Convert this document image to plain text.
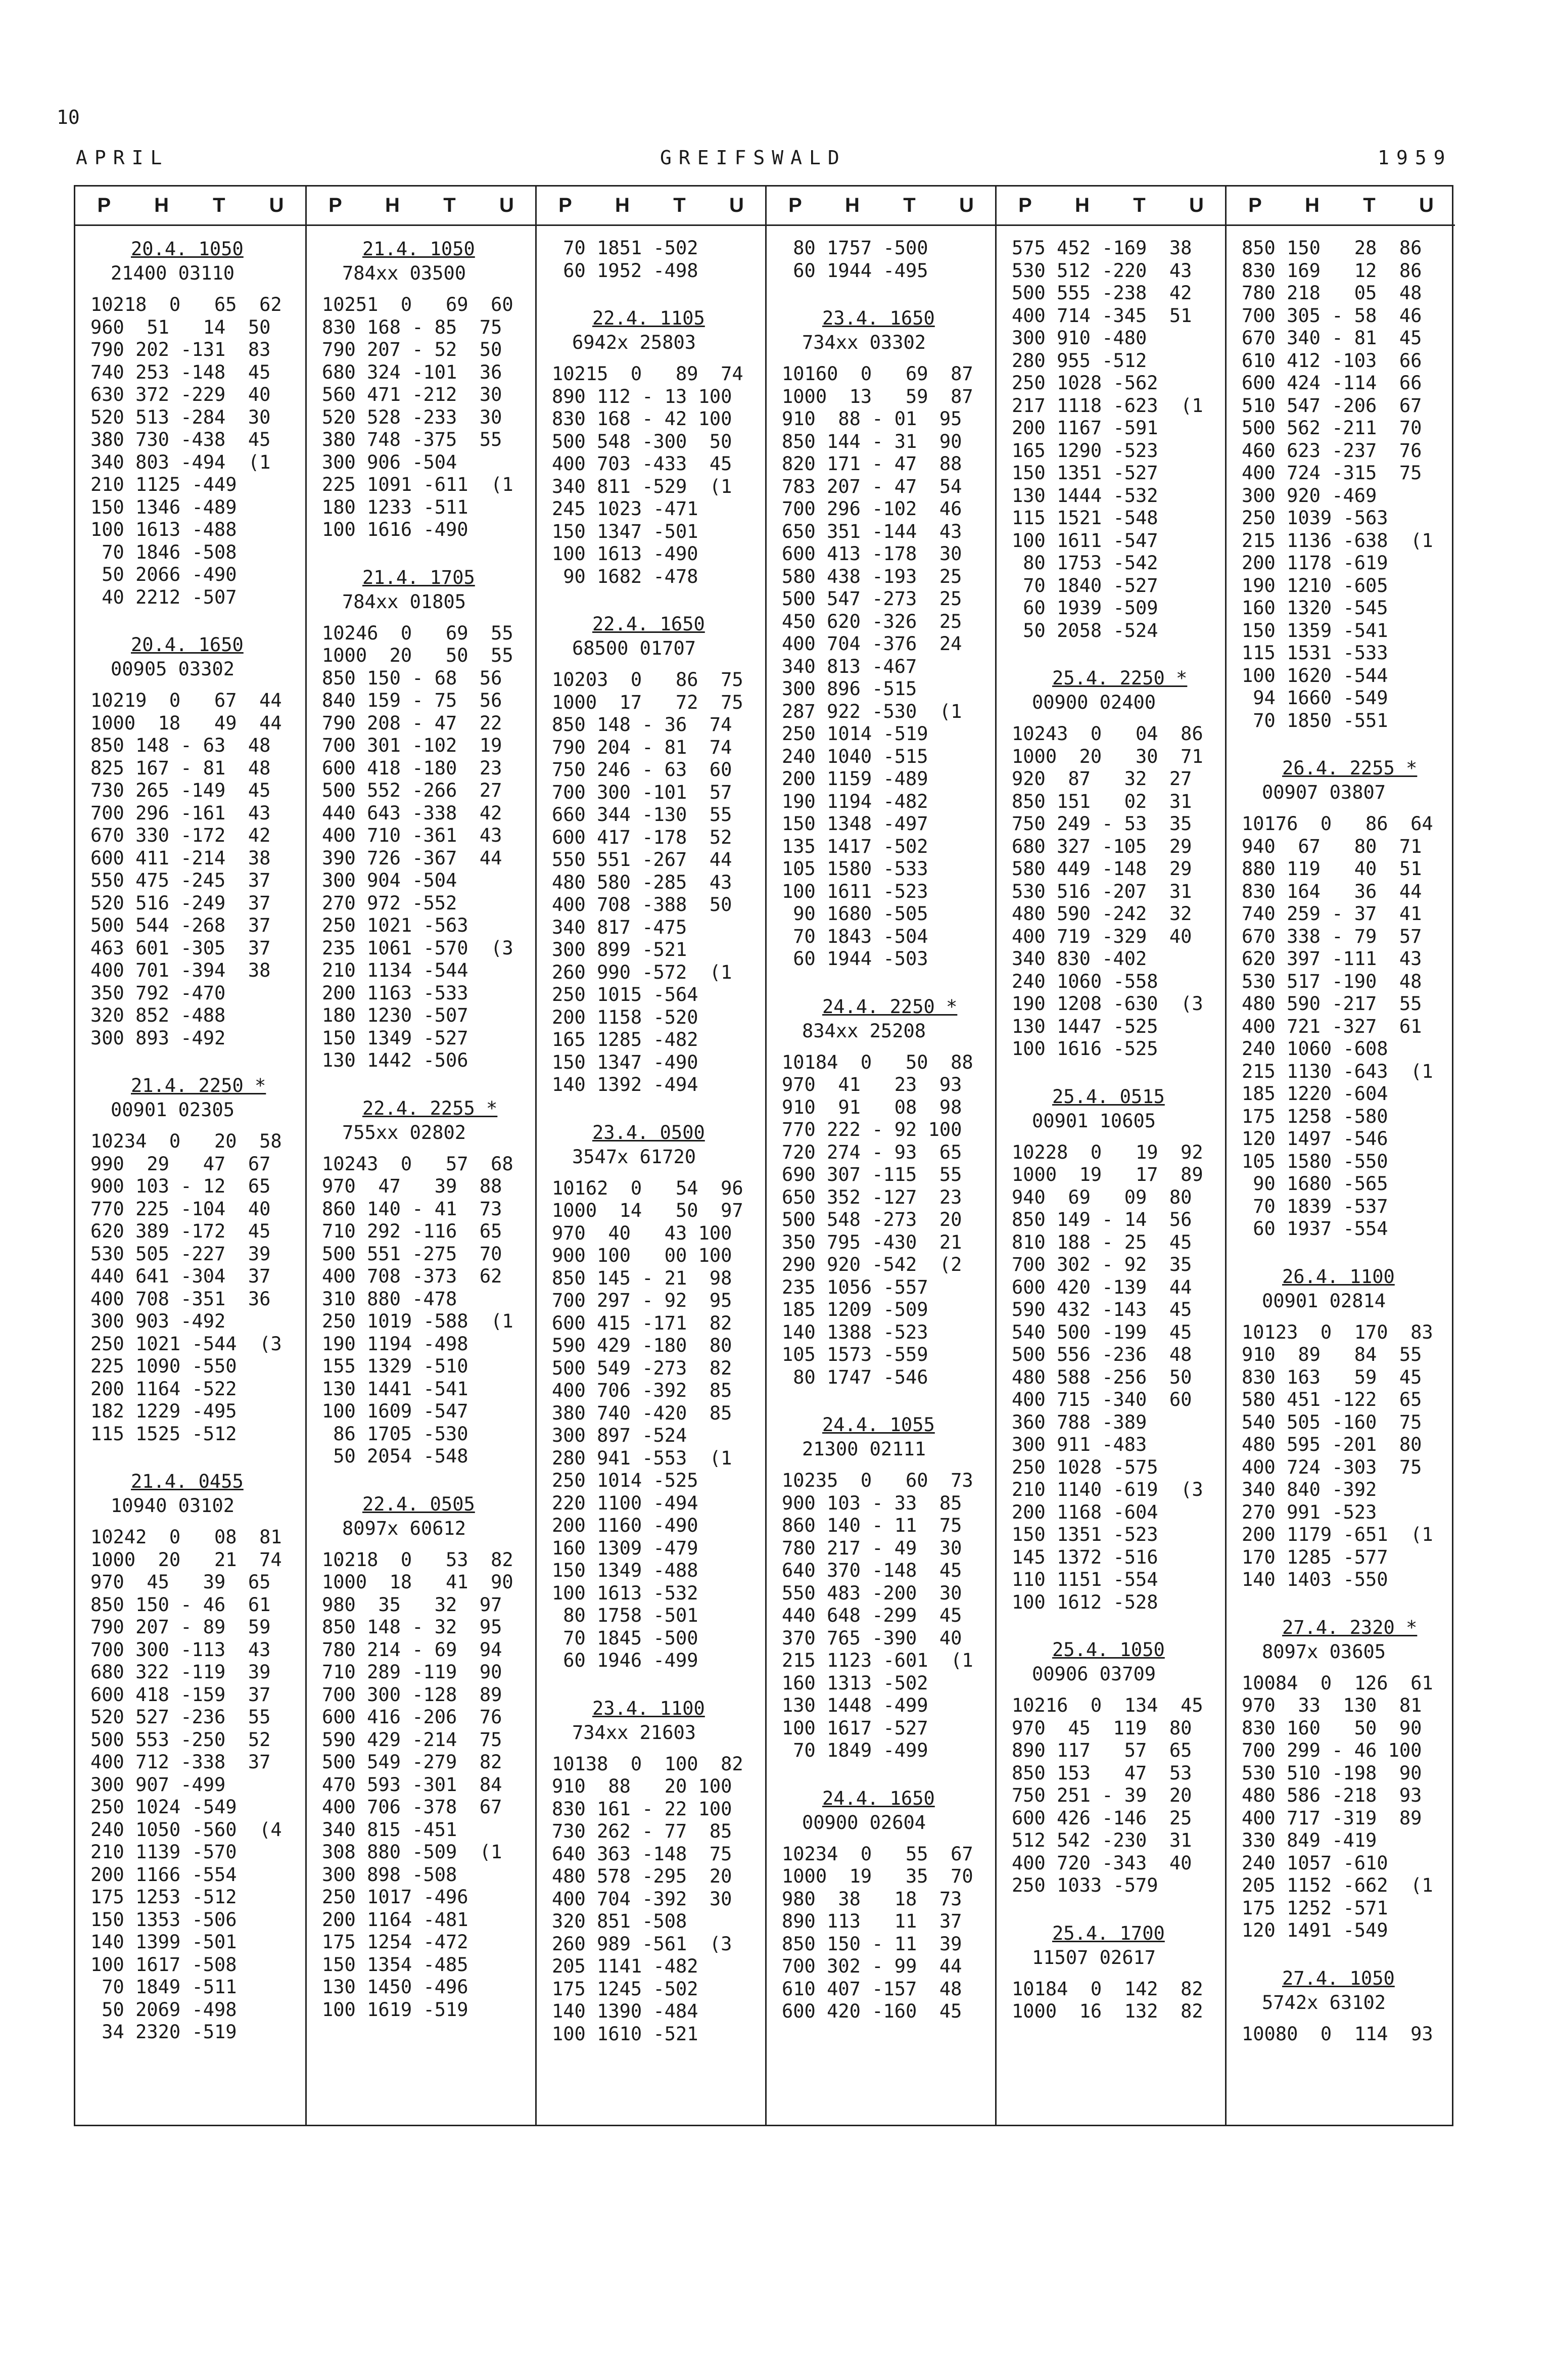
10
APRIL	GREIFSWALD	1959
P	H	T	U
20.4. 1050
21400 03110
10218  0   65  62
960  51   14  50
790 202 -131  83
740 253 -148  45
630 372 -229  40
520 513 -284  30
380 730 -438  45
340 803 -494  (1
210 1125 -449
150 1346 -489
100 1613 -488
70 1846 -508
50 2066 -490
40 2212 -507
20.4. 1650
00905 03302
10219  0   67  44
1000  18   49  44
850 148 - 63  48
825 167 - 81  48
730 265 -149  45
700 296 -161  43
670 330 -172  42
600 411 -214  38
550 475 -245  37
520 516 -249  37
500 544 -268  37
463 601 -305  37
400 701 -394  38
350 792 -470
320 852 -488
300 893 -492
21.4. 2250 *
00901 02305
10234  0   20  58
990  29   47  67
900 103 - 12  65
770 225 -104  40
620 389 -172  45
530 505 -227  39
440 641 -304  37
400 708 -351  36
300 903 -492
250 1021 -544  (3
225 1090 -550
200 1164 -522
182 1229 -495
115 1525 -512
21.4. 0455
10940 03102
10242  0   08  81
1000  20   21  74
970  45   39  65
850 150 - 46  61
790 207 - 89  59
700 300 -113  43
680 322 -119  39
600 418 -159  37
520 527 -236  55
500 553 -250  52
400 712 -338  37
300 907 -499
250 1024 -549
240 1050 -560  (4
210 1139 -570
200 1166 -554
175 1253 -512
150 1353 -506
140 1399 -501
100 1617 -508
70 1849 -511
50 2069 -498
34 2320 -519
P	H	T	U
21.4. 1050
784xx 03500
10251  0   69  60
830 168 - 85  75
790 207 - 52  50
680 324 -101  36
560 471 -212  30
520 528 -233  30
380 748 -375  55
300 906 -504
225 1091 -611  (1
180 1233 -511
100 1616 -490
21.4. 1705
784xx 01805
10246  0   69  55
1000  20   50  55
850 150 - 68  56
840 159 - 75  56
790 208 - 47  22
700 301 -102  19
600 418 -180  23
500 552 -266  27
440 643 -338  42
400 710 -361  43
390 726 -367  44
300 904 -504
270 972 -552
250 1021 -563
235 1061 -570  (3
210 1134 -544
200 1163 -533
180 1230 -507
150 1349 -527
130 1442 -506
22.4. 2255 *
755xx 02802
10243  0   57  68
970  47   39  88
860 140 - 41  73
710 292 -116  65
500 551 -275  70
400 708 -373  62
310 880 -478
250 1019 -588  (1
190 1194 -498
155 1329 -510
130 1441 -541
100 1609 -547
86 1705 -530
50 2054 -548
22.4. 0505
8097x 60612
10218  0   53  82
1000  18   41  90
980  35   32  97
850 148 - 32  95
780 214 - 69  94
710 289 -119  90
700 300 -128  89
600 416 -206  76
590 429 -214  75
500 549 -279  82
470 593 -301  84
400 706 -378  67
340 815 -451
308 880 -509  (1
300 898 -508
250 1017 -496
200 1164 -481
175 1254 -472
150 1354 -485
130 1450 -496
100 1619 -519
P	H	T	U
70 1851 -502
60 1952 -498
22.4. 1105
6942x 25803
10215  0   89  74
890 112 - 13 100
830 168 - 42 100
500 548 -300  50
400 703 -433  45
340 811 -529  (1
245 1023 -471
150 1347 -501
100 1613 -490
90 1682 -478
22.4. 1650
68500 01707
10203  0   86  75
1000  17   72  75
850 148 - 36  74
790 204 - 81  74
750 246 - 63  60
700 300 -101  57
660 344 -130  55
600 417 -178  52
550 551 -267  44
480 580 -285  43
400 708 -388  50
340 817 -475
300 899 -521
260 990 -572  (1
250 1015 -564
200 1158 -520
165 1285 -482
150 1347 -490
140 1392 -494
23.4. 0500
3547x 61720
10162  0   54  96
1000  14   50  97
970  40   43 100
900 100   00 100
850 145 - 21  98
700 297 - 92  95
600 415 -171  82
590 429 -180  80
500 549 -273  82
400 706 -392  85
380 740 -420  85
300 897 -524
280 941 -553  (1
250 1014 -525
220 1100 -494
200 1160 -490
160 1309 -479
150 1349 -488
100 1613 -532
80 1758 -501
70 1845 -500
60 1946 -499
23.4. 1100
734xx 21603
10138  0  100  82
910  88   20 100
830 161 - 22 100
730 262 - 77  85
640 363 -148  75
480 578 -295  20
400 704 -392  30
320 851 -508
260 989 -561  (3
205 1141 -482
175 1245 -502
140 1390 -484
100 1610 -521
P	H	T	U
80 1757 -500
60 1944 -495
23.4. 1650
734xx 03302
10160  0   69  87
1000  13   59  87
910  88 - 01  95
850 144 - 31  90
820 171 - 47  88
783 207 - 47  54
700 296 -102  46
650 351 -144  43
600 413 -178  30
580 438 -193  25
500 547 -273  25
450 620 -326  25
400 704 -376  24
340 813 -467
300 896 -515
287 922 -530  (1
250 1014 -519
240 1040 -515
200 1159 -489
190 1194 -482
150 1348 -497
135 1417 -502
105 1580 -533
100 1611 -523
90 1680 -505
70 1843 -504
60 1944 -503
24.4. 2250 *
834xx 25208
10184  0   50  88
970  41   23  93
910  91   08  98
770 222 - 92 100
720 274 - 93  65
690 307 -115  55
650 352 -127  23
500 548 -273  20
350 795 -430  21
290 920 -542  (2
235 1056 -557
185 1209 -509
140 1388 -523
105 1573 -559
80 1747 -546
24.4. 1055
21300 02111
10235  0   60  73
900 103 - 33  85
860 140 - 11  75
780 217 - 49  30
640 370 -148  45
550 483 -200  30
440 648 -299  45
370 765 -390  40
215 1123 -601  (1
160 1313 -502
130 1448 -499
100 1617 -527
70 1849 -499
24.4. 1650
00900 02604
10234  0   55  67
1000  19   35  70
980  38   18  73
890 113   11  37
850 150 - 11  39
700 302 - 99  44
610 407 -157  48
600 420 -160  45
P	H	T	U
575 452 -169  38
530 512 -220  43
500 555 -238  42
400 714 -345  51
300 910 -480
280 955 -512
250 1028 -562
217 1118 -623  (1
200 1167 -591
165 1290 -523
150 1351 -527
130 1444 -532
115 1521 -548
100 1611 -547
80 1753 -542
70 1840 -527
60 1939 -509
50 2058 -524
25.4. 2250 *
00900 02400
10243  0   04  86
1000  20   30  71
920  87   32  27
850 151   02  31
750 249 - 53  35
680 327 -105  29
580 449 -148  29
530 516 -207  31
480 590 -242  32
400 719 -329  40
340 830 -402
240 1060 -558
190 1208 -630  (3
130 1447 -525
100 1616 -525
25.4. 0515
00901 10605
10228  0   19  92
1000  19   17  89
940  69   09  80
850 149 - 14  56
810 188 - 25  45
700 302 - 92  35
600 420 -139  44
590 432 -143  45
540 500 -199  45
500 556 -236  48
480 588 -256  50
400 715 -340  60
360 788 -389
300 911 -483
250 1028 -575
210 1140 -619  (3
200 1168 -604
150 1351 -523
145 1372 -516
110 1151 -554
100 1612 -528
25.4. 1050
00906 03709
10216  0  134  45
970  45  119  80
890 117   57  65
850 153   47  53
750 251 - 39  20
600 426 -146  25
512 542 -230  31
400 720 -343  40
250 1033 -579
25.4. 1700
11507 02617
10184  0  142  82
1000  16  132  82
P	H	T	U
850 150   28  86
830 169   12  86
780 218   05  48
700 305 - 58  46
670 340 - 81  45
610 412 -103  66
600 424 -114  66
510 547 -206  67
500 562 -211  70
460 623 -237  76
400 724 -315  75
300 920 -469
250 1039 -563
215 1136 -638  (1
200 1178 -619
190 1210 -605
160 1320 -545
150 1359 -541
115 1531 -533
100 1620 -544
94 1660 -549
70 1850 -551
26.4. 2255 *
00907 03807
10176  0   86  64
940  67   80  71
880 119   40  51
830 164   36  44
740 259 - 37  41
670 338 - 79  57
620 397 -111  43
530 517 -190  48
480 590 -217  55
400 721 -327  61
240 1060 -608
215 1130 -643  (1
185 1220 -604
175 1258 -580
120 1497 -546
105 1580 -550
90 1680 -565
70 1839 -537
60 1937 -554
26.4. 1100
00901 02814
10123  0  170  83
910  89   84  55
830 163   59  45
580 451 -122  65
540 505 -160  75
480 595 -201  80
400 724 -303  75
340 840 -392
270 991 -523
200 1179 -651  (1
170 1285 -577
140 1403 -550
27.4. 2320 *
8097x 03605
10084  0  126  61
970  33  130  81
830 160   50  90
700 299 - 46 100
530 510 -198  90
480 586 -218  93
400 717 -319  89
330 849 -419
240 1057 -610
205 1152 -662  (1
175 1252 -571
120 1491 -549
27.4. 1050
5742x 63102
10080  0  114  93
